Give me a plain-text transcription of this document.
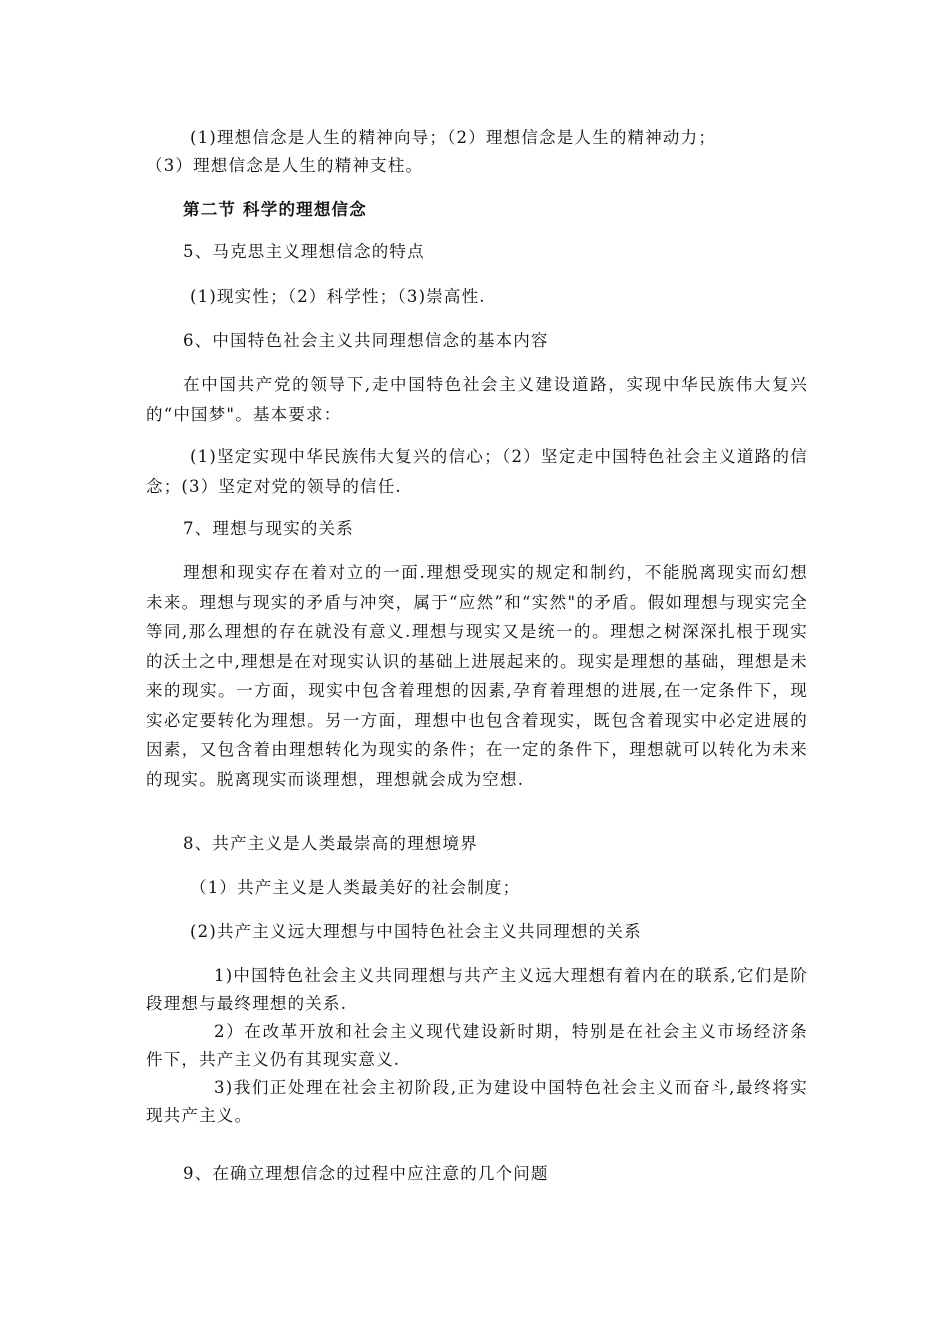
(1)理想信念是人生的精神向导；（2）理想信念是人生的精神动力；
（3）理想信念是人生的精神支柱。
第二节 科学的理想信念
5、马克思主义理想信念的特点
(1)现实性；（2）科学性；（3)崇高性.
6、中国特色社会主义共同理想信念的基本内容
在中国共产党的领导下,走中国特色社会主义建设道路，实现中华民族伟大复兴的“中国梦"。基本要求：
(1)坚定实现中华民族伟大复兴的信心；（2）坚定走中国特色社会主义道路的信念；(3）坚定对党的领导的信任.
7、理想与现实的关系
理想和现实存在着对立的一面.理想受现实的规定和制约，不能脱离现实而幻想未来。理想与现实的矛盾与冲突，属于“应然”和“实然"的矛盾。假如理想与现实完全等同,那么理想的存在就没有意义.理想与现实又是统一的。理想之树深深扎根于现实的沃土之中,理想是在对现实认识的基础上进展起来的。现实是理想的基础，理想是未来的现实。一方面，现实中包含着理想的因素,孕育着理想的进展,在一定条件下，现实必定要转化为理想。另一方面，理想中也包含着现实，既包含着现实中必定进展的因素，又包含着由理想转化为现实的条件；在一定的条件下，理想就可以转化为未来的现实。脱离现实而谈理想，理想就会成为空想.
8、共产主义是人类最崇高的理想境界
（1）共产主义是人类最美好的社会制度；
(2)共产主义远大理想与中国特色社会主义共同理想的关系
1)中国特色社会主义共同理想与共产主义远大理想有着内在的联系,它们是阶段理想与最终理想的关系.
2）在改革开放和社会主义现代建设新时期，特别是在社会主义市场经济条件下，共产主义仍有其现实意义.
3)我们正处理在社会主初阶段,正为建设中国特色社会主义而奋斗,最终将实现共产主义。
9、在确立理想信念的过程中应注意的几个问题
